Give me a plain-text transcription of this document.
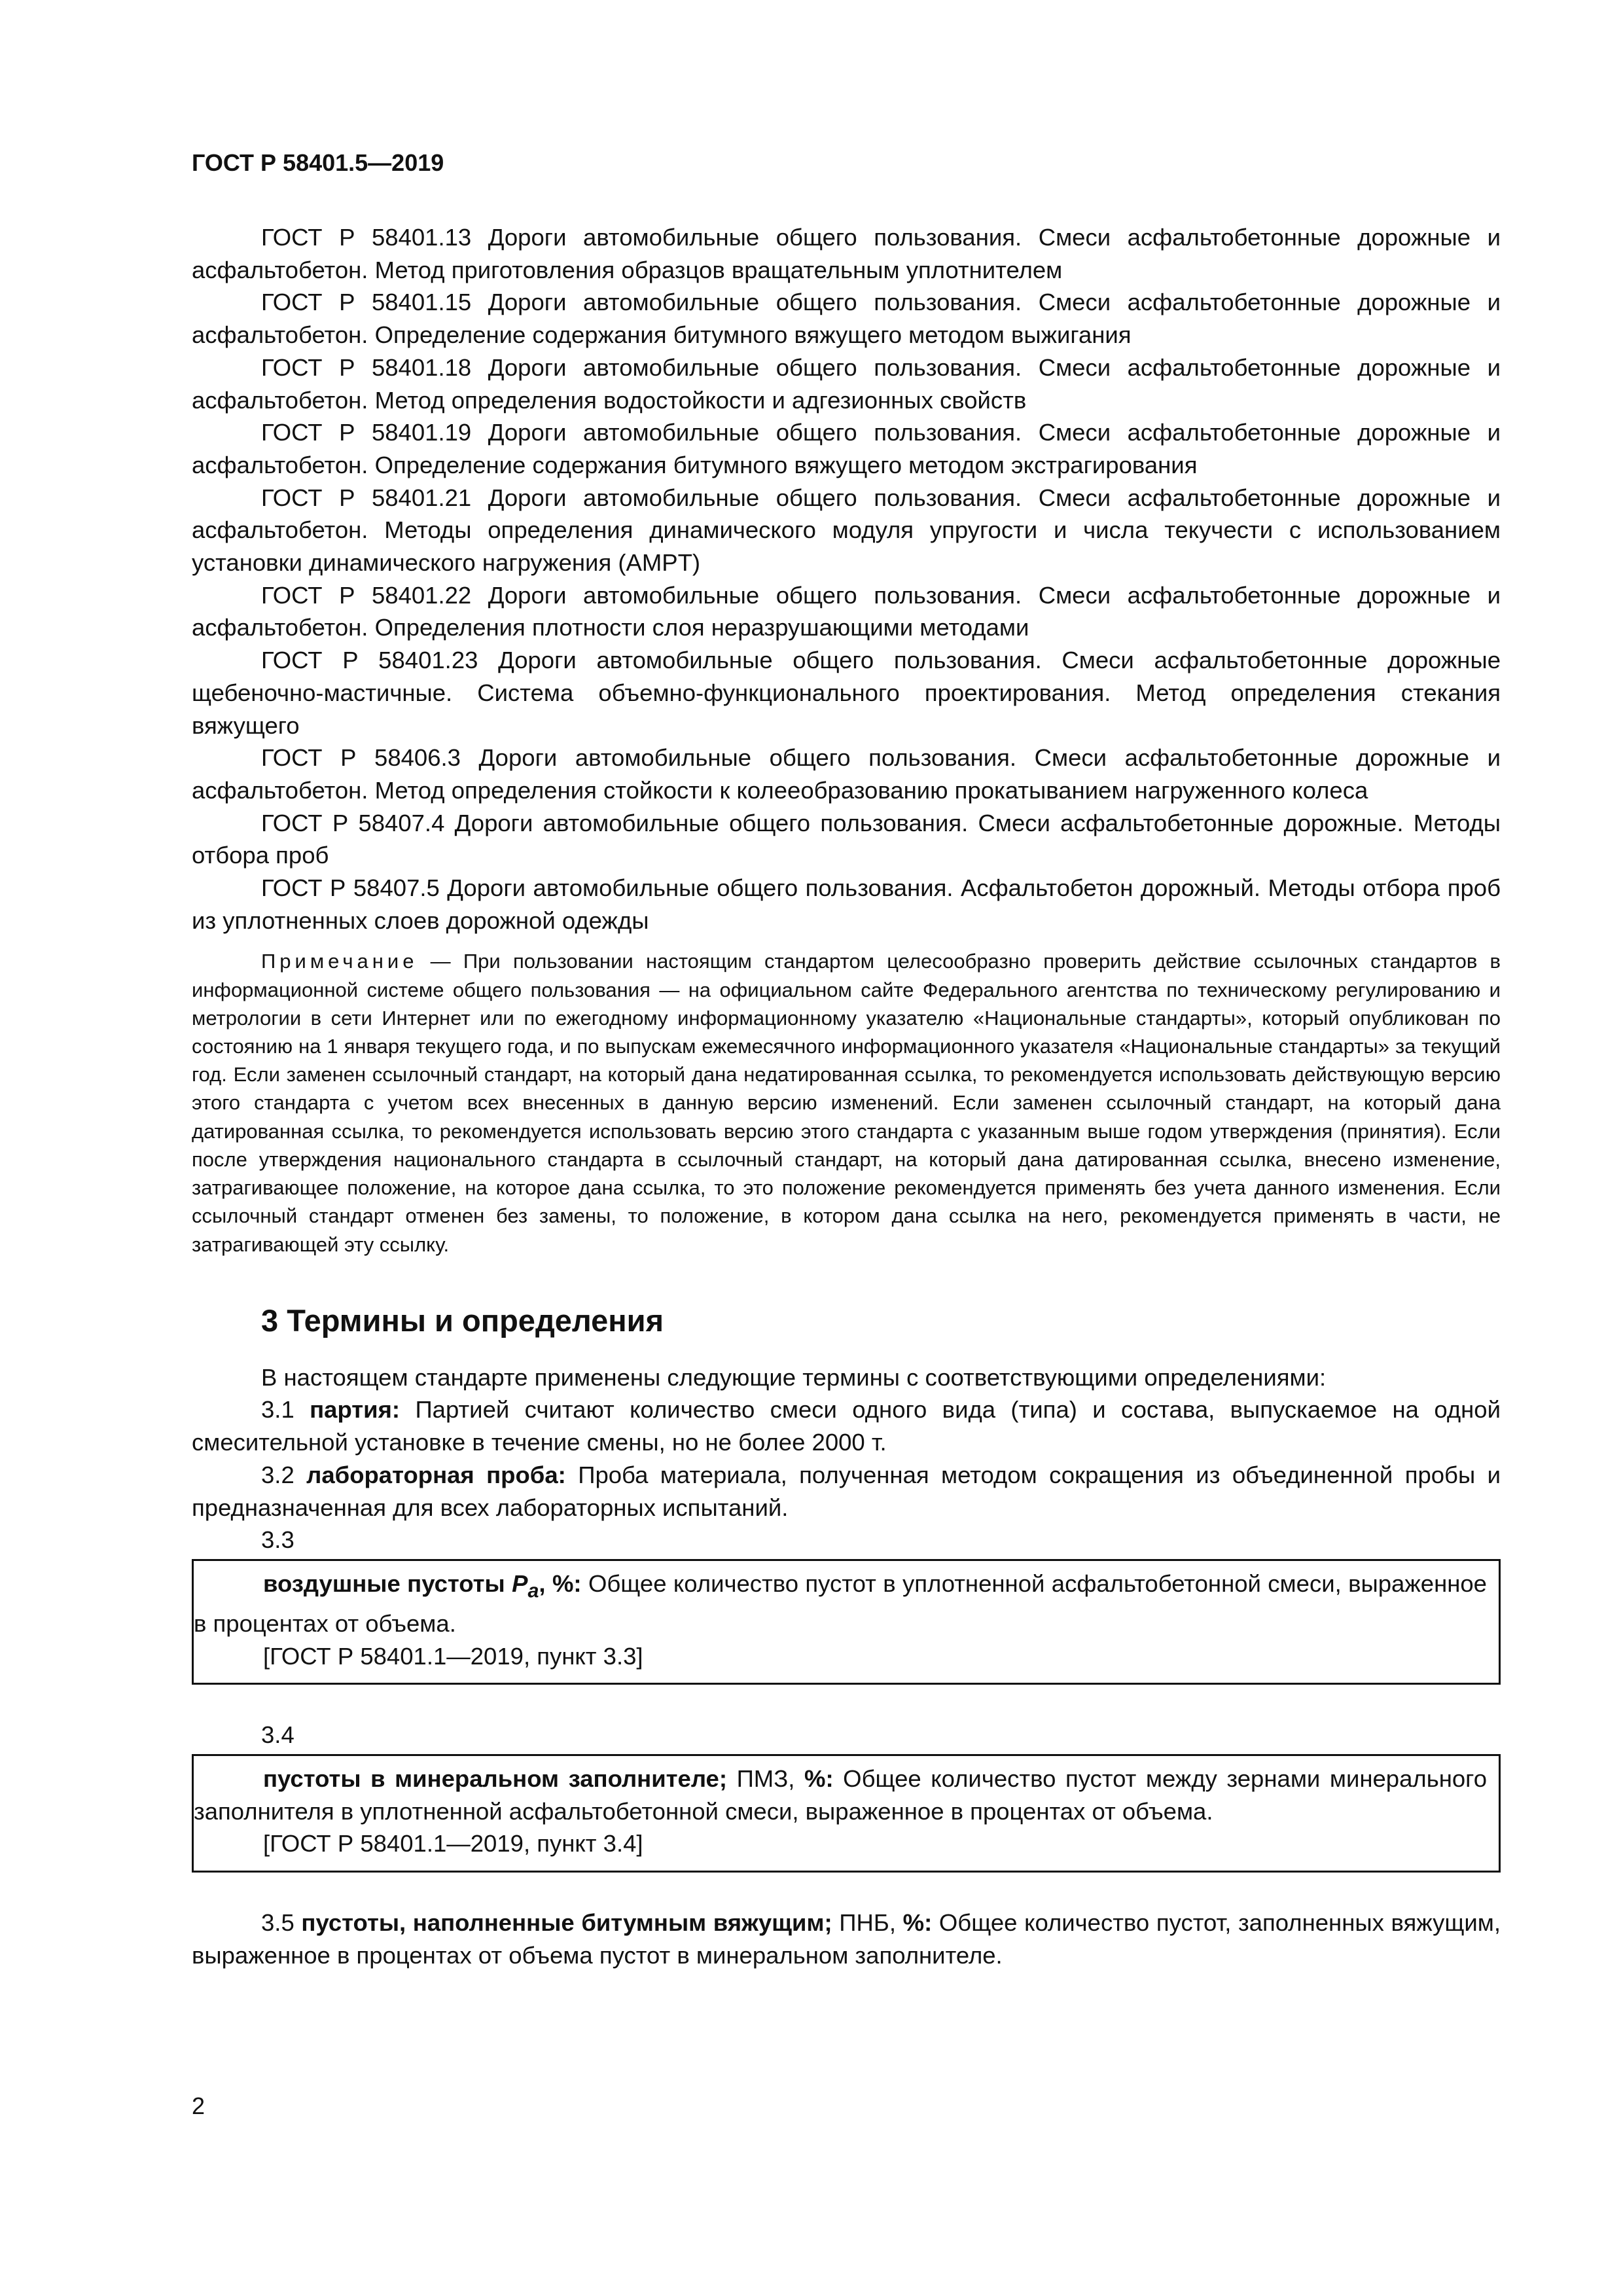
ГОСТ Р 58401.5—2019

ГОСТ Р 58401.13 Дороги автомобильные общего пользования. Смеси асфальтобетонные дорожные и асфальтобетон. Метод приготовления образцов вращательным уплотнителем

ГОСТ Р 58401.15 Дороги автомобильные общего пользования. Смеси асфальтобетонные дорожные и асфальтобетон. Определение содержания битумного вяжущего методом выжигания

ГОСТ Р 58401.18 Дороги автомобильные общего пользования. Смеси асфальтобетонные дорожные и асфальтобетон. Метод определения водостойкости и адгезионных свойств

ГОСТ Р 58401.19 Дороги автомобильные общего пользования. Смеси асфальтобетонные дорожные и асфальтобетон. Определение содержания битумного вяжущего методом экстрагирования

ГОСТ Р 58401.21 Дороги автомобильные общего пользования. Смеси асфальтобетонные дорожные и асфальтобетон. Методы определения динамического модуля упругости и числа текучести с использованием установки динамического нагружения (AMPT)

ГОСТ Р 58401.22 Дороги автомобильные общего пользования. Смеси асфальтобетонные дорожные и асфальтобетон. Определения плотности слоя неразрушающими методами

ГОСТ Р 58401.23 Дороги автомобильные общего пользования. Смеси асфальтобетонные дорожные щебеночно-мастичные. Система объемно-функционального проектирования. Метод определения стекания вяжущего

ГОСТ Р 58406.3 Дороги автомобильные общего пользования. Смеси асфальтобетонные дорожные и асфальтобетон. Метод определения стойкости к колееобразованию прокатыванием нагруженного колеса

ГОСТ Р 58407.4 Дороги автомобильные общего пользования. Смеси асфальтобетонные дорожные. Методы отбора проб

ГОСТ Р 58407.5 Дороги автомобильные общего пользования. Асфальтобетон дорожный. Методы отбора проб из уплотненных слоев дорожной одежды

Примечание — При пользовании настоящим стандартом целесообразно проверить действие ссылочных стандартов в информационной системе общего пользования — на официальном сайте Федерального агентства по техническому регулированию и метрологии в сети Интернет или по ежегодному информационному указателю «Национальные стандарты», который опубликован по состоянию на 1 января текущего года, и по выпускам ежемесячного информационного указателя «Национальные стандарты» за текущий год. Если заменен ссылочный стандарт, на который дана недатированная ссылка, то рекомендуется использовать действующую версию этого стандарта с учетом всех внесенных в данную версию изменений. Если заменен ссылочный стандарт, на который дана датированная ссылка, то рекомендуется использовать версию этого стандарта с указанным выше годом утверждения (принятия). Если после утверждения национального стандарта в ссылочный стандарт, на который дана датированная ссылка, внесено изменение, затрагивающее положение, на которое дана ссылка, то это положение рекомендуется применять без учета данного изменения. Если ссылочный стандарт отменен без замены, то положение, в котором дана ссылка на него, рекомендуется применять в части, не затрагивающей эту ссылку.

3 Термины и определения

В настоящем стандарте применены следующие термины с соответствующими определениями:

3.1 партия: Партией считают количество смеси одного вида (типа) и состава, выпускаемое на одной смесительной установке в течение смены, но не более 2000 т.

3.2 лабораторная проба: Проба материала, полученная методом сокращения из объединенной пробы и предназначенная для всех лабораторных испытаний.

3.3

воздушные пустоты $P_a$, %: Общее количество пустот в уплотненной асфальтобетонной смеси, выраженное в процентах от объема.

[ГОСТ Р 58401.1—2019, пункт 3.3]

3.4

пустоты в минеральном заполнителе; ПМЗ, %: Общее количество пустот между зернами минерального заполнителя в уплотненной асфальтобетонной смеси, выраженное в процентах от объема.

[ГОСТ Р 58401.1—2019, пункт 3.4]

3.5 пустоты, наполненные битумным вяжущим; ПНБ, %: Общее количество пустот, заполненных вяжущим, выраженное в процентах от объема пустот в минеральном заполнителе.

2
